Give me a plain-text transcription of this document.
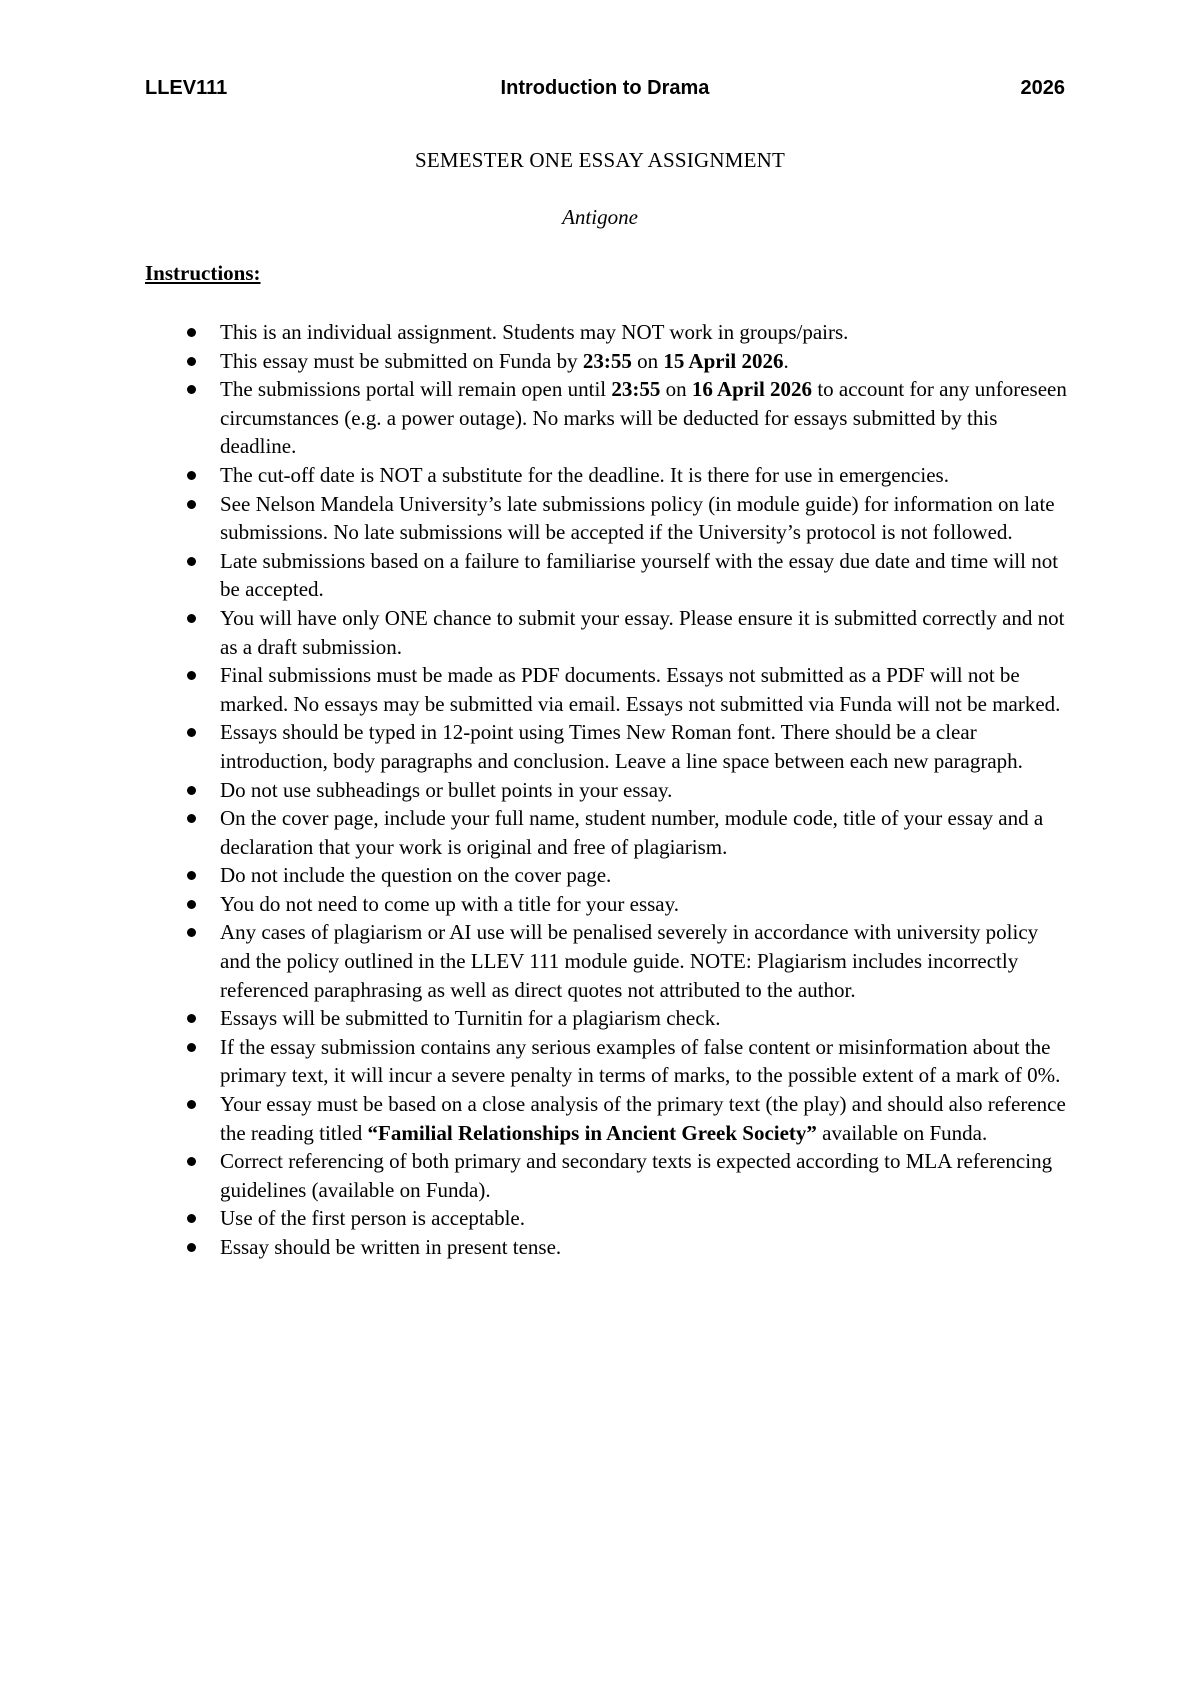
LLEV111	Introduction to Drama	2026
SEMESTER ONE ESSAY ASSIGNMENT
Antigone
Instructions:
This is an individual assignment. Students may NOT work in groups/pairs.
This essay must be submitted on Funda by 23:55 on 15 April 2026.
The submissions portal will remain open until 23:55 on 16 April 2026 to account for any unforeseen circumstances (e.g. a power outage). No marks will be deducted for essays submitted by this deadline.
The cut-off date is NOT a substitute for the deadline. It is there for use in emergencies.
See Nelson Mandela University’s late submissions policy (in module guide) for information on late submissions. No late submissions will be accepted if the University’s protocol is not followed.
Late submissions based on a failure to familiarise yourself with the essay due date and time will not be accepted.
You will have only ONE chance to submit your essay. Please ensure it is submitted correctly and not as a draft submission.
Final submissions must be made as PDF documents. Essays not submitted as a PDF will not be marked. No essays may be submitted via email. Essays not submitted via Funda will not be marked.
Essays should be typed in 12-point using Times New Roman font. There should be a clear introduction, body paragraphs and conclusion. Leave a line space between each new paragraph.
Do not use subheadings or bullet points in your essay.
On the cover page, include your full name, student number, module code, title of your essay and a declaration that your work is original and free of plagiarism.
Do not include the question on the cover page.
You do not need to come up with a title for your essay.
Any cases of plagiarism or AI use will be penalised severely in accordance with university policy and the policy outlined in the LLEV 111 module guide. NOTE: Plagiarism includes incorrectly referenced paraphrasing as well as direct quotes not attributed to the author.
Essays will be submitted to Turnitin for a plagiarism check.
If the essay submission contains any serious examples of false content or misinformation about the primary text, it will incur a severe penalty in terms of marks, to the possible extent of a mark of 0%.
Your essay must be based on a close analysis of the primary text (the play) and should also reference the reading titled “Familial Relationships in Ancient Greek Society” available on Funda.
Correct referencing of both primary and secondary texts is expected according to MLA referencing guidelines (available on Funda).
Use of the first person is acceptable.
Essay should be written in present tense.
